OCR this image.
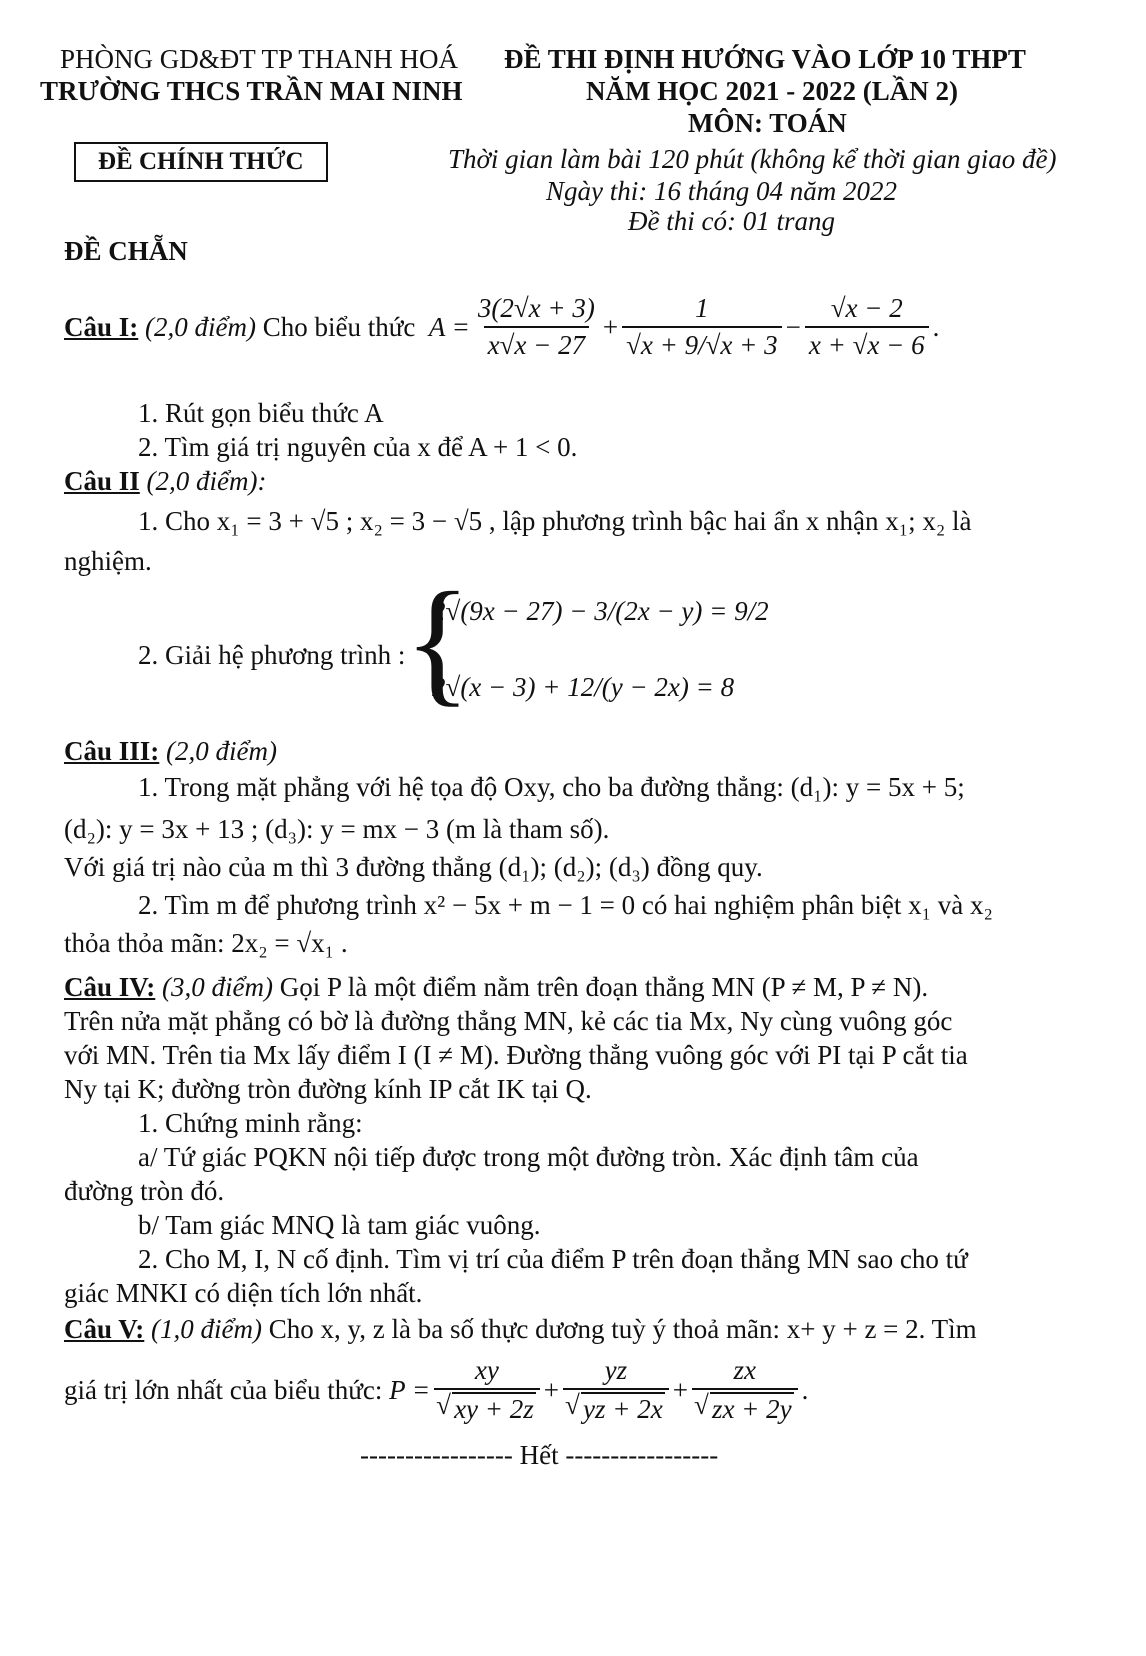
PHÒNG GD&ĐT TP THANH HOÁ
TRƯỜNG THCS TRẦN MAI NINH
ĐỀ CHÍNH THỨC
ĐỀ THI ĐỊNH HƯỚNG VÀO LỚP 10 THPT
NĂM HỌC 2021 - 2022 (LẦN 2)
MÔN: TOÁN
Thời gian làm bài 120 phút (không kể thời gian giao đề)
Ngày thi: 16 tháng 04 năm 2022
Đề thi có: 01 trang
ĐỀ CHẴN
Câu I:
(2,0 điểm)
Cho biểu thức
$A = \frac{3(2√x + 3)}{x√x - 27} + \frac{1}{√x + 9/√x + 3} - \frac{√x - 2}{x + √x - 6}$ .
1. Rút gọn biểu thức A
2. Tìm giá trị nguyên của x để A + 1 < 0.
Câu II (2,0 điểm):
1. Cho x₁ = 3 + √5 ; x₂ = 3 − √5 , lập phương trình bậc hai ẩn x nhận x₁; x₂ là
nghiệm.
2. Giải hệ phương trình :
{
2√(9x − 27) − 3/(2x − y) = 9/2
2√(x − 3) + 12/(y − 2x) = 8
Câu III: (2,0 điểm)
1. Trong mặt phẳng với hệ tọa độ Oxy, cho ba đường thẳng: (d₁): y = 5x + 5;
(d₂): y = 3x + 13 ; (d₃): y = mx − 3 (m là tham số).
Với giá trị nào của m thì 3 đường thẳng (d₁); (d₂); (d₃) đồng quy.
2. Tìm m để phương trình x² − 5x + m − 1 = 0 có hai nghiệm phân biệt x₁ và x₂
thỏa thỏa mãn: 2x₂ = √x₁ .
Câu IV: (3,0 điểm) Gọi P là một điểm nằm trên đoạn thẳng MN (P ≠ M, P ≠ N).
Trên nửa mặt phẳng có bờ là đường thẳng MN, kẻ các tia Mx, Ny cùng vuông góc
với MN. Trên tia Mx lấy điểm I (I ≠ M). Đường thẳng vuông góc với PI tại P cắt tia
Ny tại K; đường tròn đường kính IP cắt IK tại Q.
1. Chứng minh rằng:
a/ Tứ giác PQKN nội tiếp được trong một đường tròn. Xác định tâm của
đường tròn đó.
b/ Tam giác MNQ là tam giác vuông.
2. Cho M, I, N cố định. Tìm vị trí của điểm P trên đoạn thẳng MN sao cho tứ
giác MNKI có diện tích lớn nhất.
Câu V: (1,0 điểm) Cho x, y, z là ba số thực dương tuỳ ý thoả mãn: x+ y + z = 2. Tìm
giá trị lớn nhất của biểu thức:
P = xy
√ xy + 2z + yz
√ yz + 2x + zx
√ zx + 2y .
----------------- Hết -----------------
